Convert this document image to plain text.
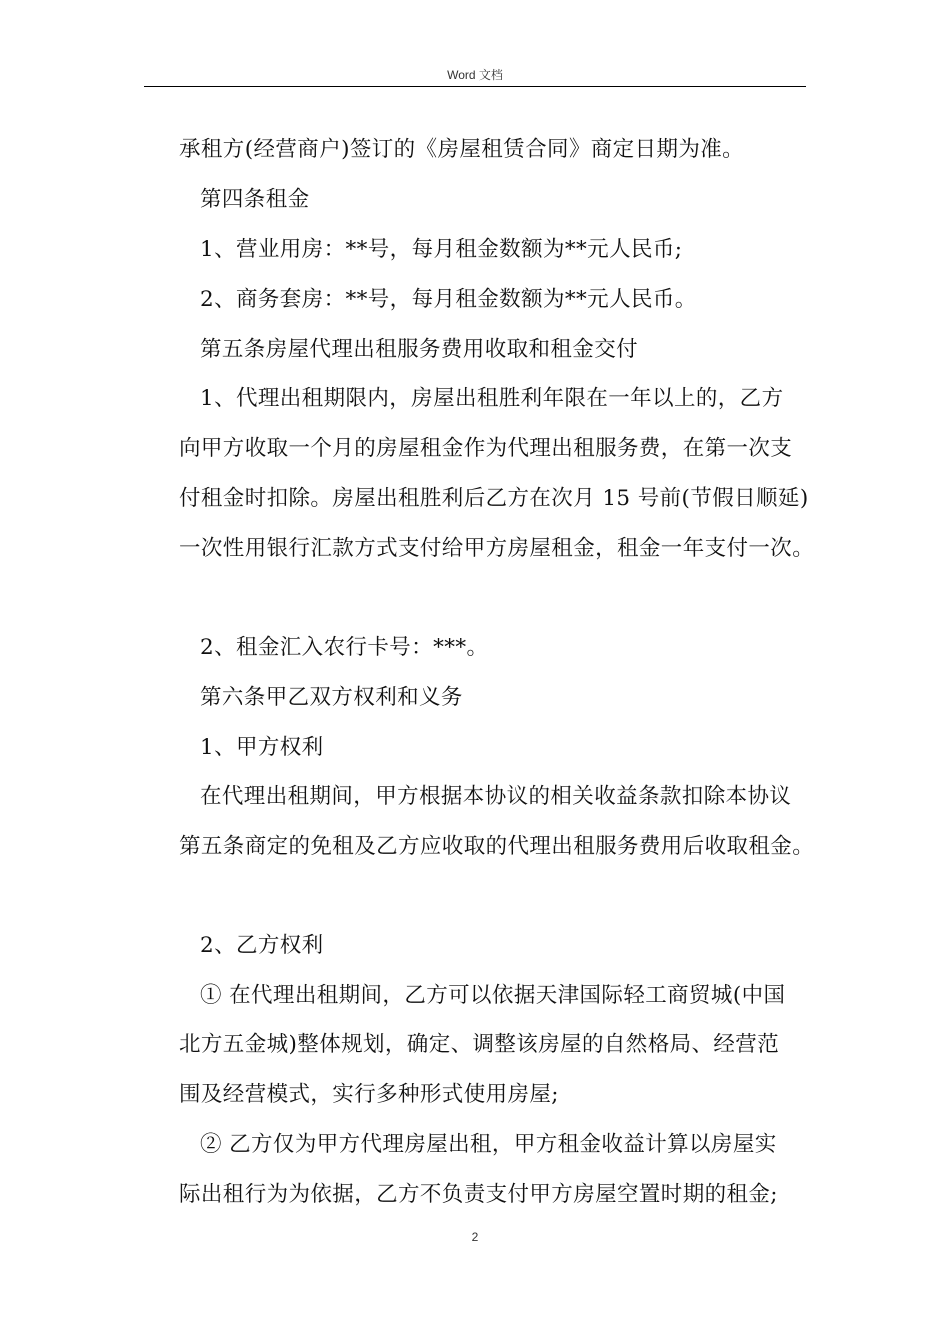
Word 文档
承租方(经营商户)签订的《房屋租赁合同》商定日期为准。
第四条租金
1、营业用房：**号，每月租金数额为**元人民币;
2、商务套房：**号，每月租金数额为**元人民币。
第五条房屋代理出租服务费用收取和租金交付
1、代理出租期限内，房屋出租胜利年限在一年以上的，乙方
向甲方收取一个月的房屋租金作为代理出租服务费，在第一次支
付租金时扣除。房屋出租胜利后乙方在次月 15 号前(节假日顺延)
一次性用银行汇款方式支付给甲方房屋租金，租金一年支付一次。
2、租金汇入农行卡号：***。
第六条甲乙双方权利和义务
1、甲方权利
在代理出租期间，甲方根据本协议的相关收益条款扣除本协议
第五条商定的免租及乙方应收取的代理出租服务费用后收取租金。
2、乙方权利
① 在代理出租期间，乙方可以依据天津国际轻工商贸城(中国
北方五金城)整体规划，确定、调整该房屋的自然格局、经营范
围及经营模式，实行多种形式使用房屋;
② 乙方仅为甲方代理房屋出租，甲方租金收益计算以房屋实
际出租行为为依据，乙方不负责支付甲方房屋空置时期的租金;
2
